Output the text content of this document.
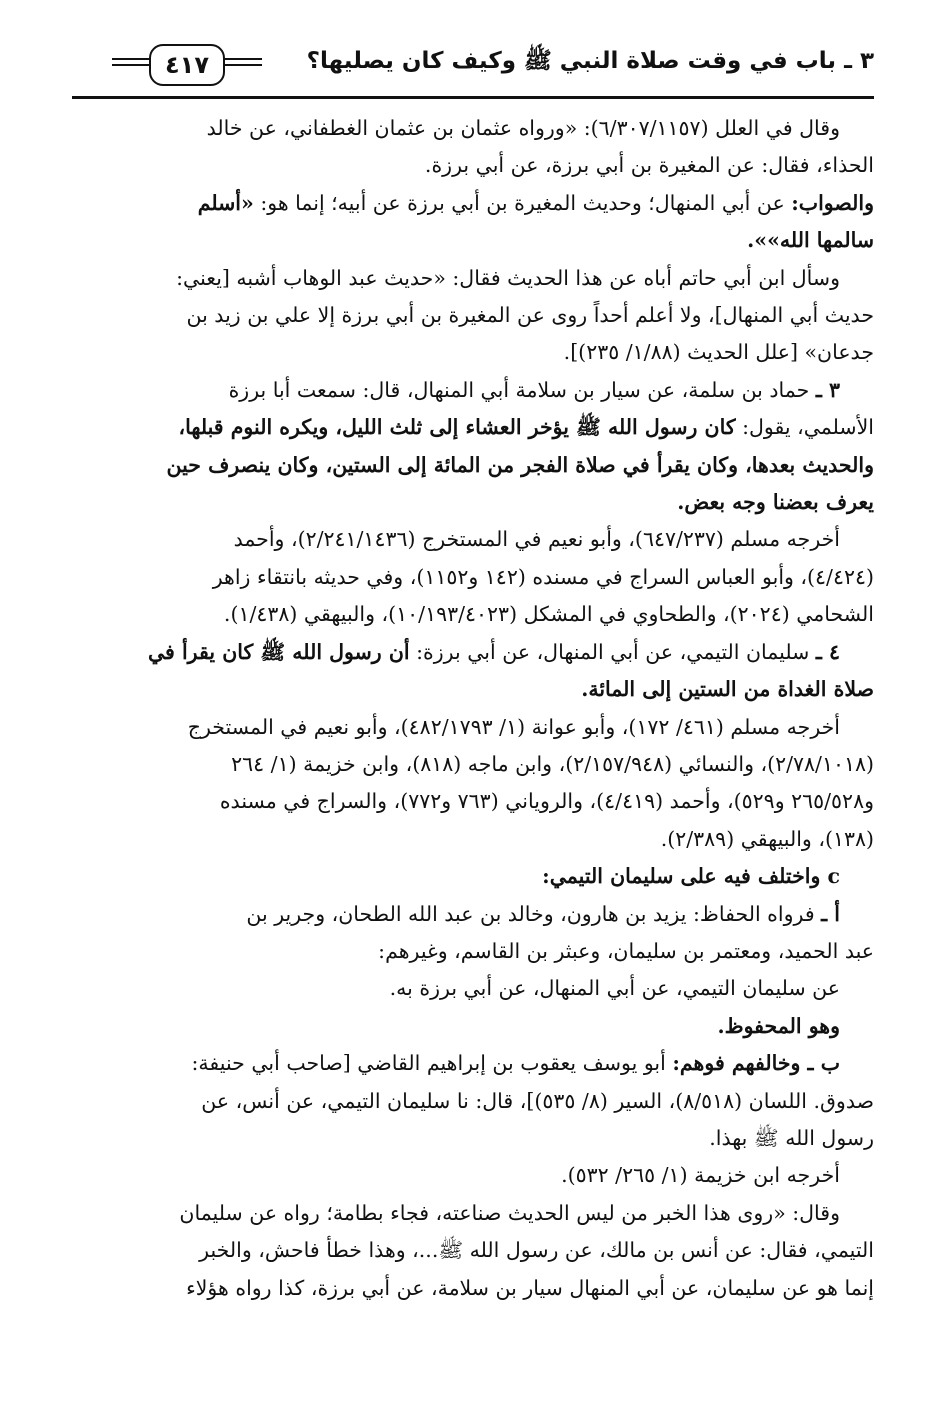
٣ ـ باب في وقت صلاة النبي ﷺ وكيف كان يصليها؟
٤١٧

وقال في العلل (٦/٣٠٧/١١٥٧): «ورواه عثمان بن عثمان الغطفاني، عن خالد

الحذاء، فقال: عن المغيرة بن أبي برزة، عن أبي برزة.

والصواب: عن أبي المنهال؛ وحديث المغيرة بن أبي برزة عن أبيه؛ إنما هو: «أسلم

سالمها الله»».

وسأل ابن أبي حاتم أباه عن هذا الحديث فقال: «حديث عبد الوهاب أشبه [يعني:

حديث أبي المنهال]، ولا أعلم أحداً روى عن المغيرة بن أبي برزة إلا علي بن زيد بن

جدعان» [علل الحديث (١/٨٨/ ٢٣٥)].

٣ ـ حماد بن سلمة، عن سيار بن سلامة أبي المنهال، قال: سمعت أبا برزة

الأسلمي، يقول: كان رسول الله ﷺ يؤخر العشاء إلى ثلث الليل، ويكره النوم قبلها،

والحديث بعدها، وكان يقرأ في صلاة الفجر من المائة إلى الستين، وكان ينصرف حين

يعرف بعضنا وجه بعض.

أخرجه مسلم (٦٤٧/٢٣٧)، وأبو نعيم في المستخرج (٢/٢٤١/١٤٣٦)، وأحمد

(٤/٤٢٤)، وأبو العباس السراج في مسنده (١٤٢ و١١٥٢)، وفي حديثه بانتقاء زاهر

الشحامي (٢٠٢٤)، والطحاوي في المشكل (١٠/١٩٣/٤٠٢٣)، والبيهقي (١/٤٣٨).

٤ ـ سليمان التيمي، عن أبي المنهال، عن أبي برزة: أن رسول الله ﷺ كان يقرأ في

صلاة الغداة من الستين إلى المائة.

أخرجه مسلم (٤٦١/ ١٧٢)، وأبو عوانة (١/ ٤٨٢/١٧٩٣)، وأبو نعيم في المستخرج

(٢/٧٨/١٠١٨)، والنسائي (٢/١٥٧/٩٤٨)، وابن ماجه (٨١٨)، وابن خزيمة (١/ ٢٦٤

و٢٦٥/٥٢٨ و٥٢٩)، وأحمد (٤/٤١٩)، والروياني (٧٦٣ و٧٧٢)، والسراج في مسنده

(١٣٨)، والبيهقي (٢/٣٨٩).

c واختلف فيه على سليمان التيمي:

أ ـ فرواه الحفاظ: يزيد بن هارون، وخالد بن عبد الله الطحان، وجرير بن

عبد الحميد، ومعتمر بن سليمان، وعبثر بن القاسم، وغيرهم:

عن سليمان التيمي، عن أبي المنهال، عن أبي برزة به.

وهو المحفوظ.

ب ـ وخالفهم فوهم: أبو يوسف يعقوب بن إبراهيم القاضي [صاحب أبي حنيفة:

صدوق. اللسان (٨/٥١٨)، السير (٨/ ٥٣٥)]، قال: نا سليمان التيمي، عن أنس، عن

رسول الله ﷺ بهذا.

أخرجه ابن خزيمة (١/ ٢٦٥/ ٥٣٢).

وقال: «روى هذا الخبر من ليس الحديث صناعته، فجاء بطامة؛ رواه عن سليمان

التيمي، فقال: عن أنس بن مالك، عن رسول الله ﷺ...، وهذا خطأ فاحش، والخبر

إنما هو عن سليمان، عن أبي المنهال سيار بن سلامة، عن أبي برزة، كذا رواه هؤلاء
